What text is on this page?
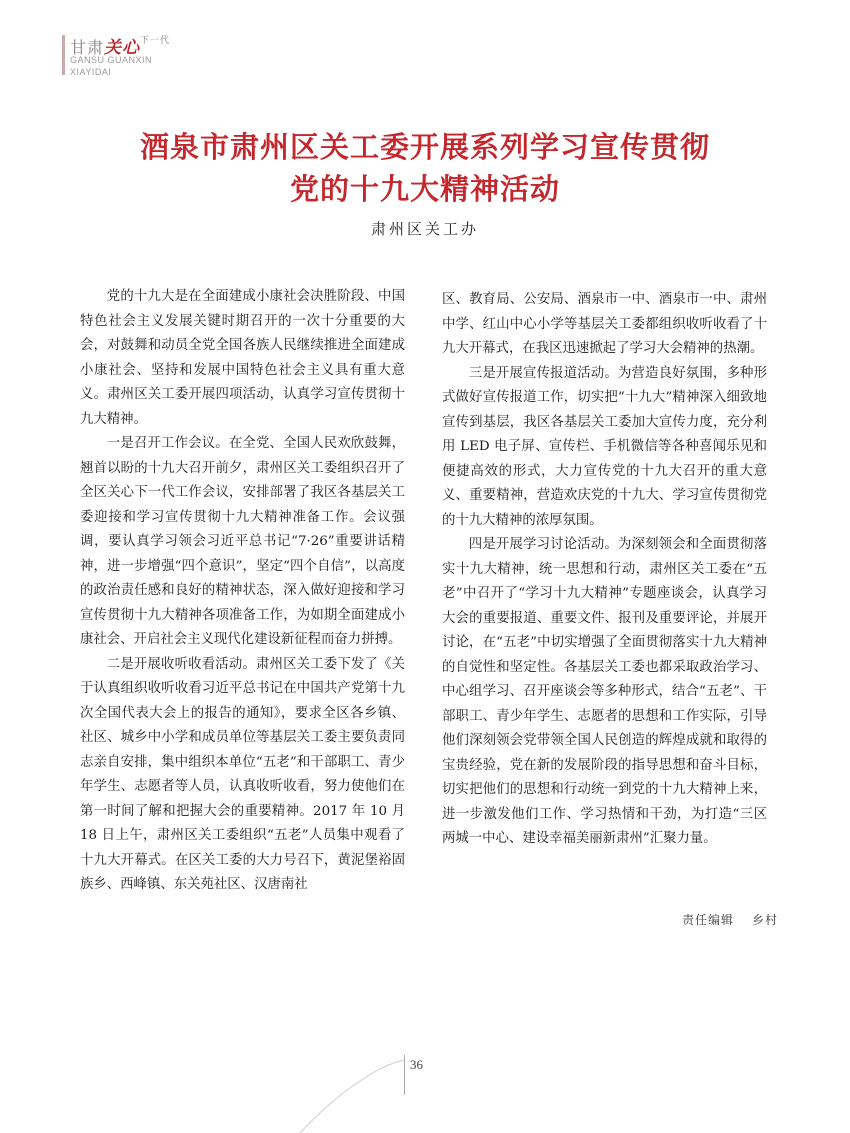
甘肃关心$^{下一代}$
GANSU GUANXIN
XIAYIDAI
酒泉市肃州区关工委开展系列学习宣传贯彻
党的十九大精神活动
肃州区关工办

党的十九大是在全面建成小康社会决胜阶段、中国特色社会主义发展关键时期召开的一次十分重要的大会，对鼓舞和动员全党全国各族人民继续推进全面建成小康社会、坚持和发展中国特色社会主义具有重大意义。肃州区关工委开展四项活动，认真学习宣传贯彻十九大精神。

一是召开工作会议。在全党、全国人民欢欣鼓舞，翘首以盼的十九大召开前夕，肃州区关工委组织召开了全区关心下一代工作会议，安排部署了我区各基层关工委迎接和学习宣传贯彻十九大精神准备工作。会议强调，要认真学习领会习近平总书记“7·26”重要讲话精神，进一步增强“四个意识”，坚定“四个自信”，以高度的政治责任感和良好的精神状态，深入做好迎接和学习宣传贯彻十九大精神各项准备工作，为如期全面建成小康社会、开启社会主义现代化建设新征程而奋力拼搏。

二是开展收听收看活动。肃州区关工委下发了《关于认真组织收听收看习近平总书记在中国共产党第十九次全国代表大会上的报告的通知》，要求全区各乡镇、社区、城乡中小学和成员单位等基层关工委主要负责同志亲自安排，集中组织本单位“五老”和干部职工、青少年学生、志愿者等人员，认真收听收看，努力使他们在第一时间了解和把握大会的重要精神。2017 年 10 月 18 日上午，肃州区关工委组织“五老”人员集中观看了十九大开幕式。在区关工委的大力号召下，黄泥堡裕固族乡、西峰镇、东关苑社区、汉唐南社

区、教育局、公安局、酒泉市一中、酒泉市一中、肃州中学、红山中心小学等基层关工委都组织收听收看了十九大开幕式，在我区迅速掀起了学习大会精神的热潮。

三是开展宣传报道活动。为营造良好氛围，多种形式做好宣传报道工作，切实把“十九大”精神深入细致地宣传到基层，我区各基层关工委加大宣传力度，充分利用 LED 电子屏、宣传栏、手机微信等各种喜闻乐见和便捷高效的形式，大力宣传党的十九大召开的重大意义、重要精神，营造欢庆党的十九大、学习宣传贯彻党的十九大精神的浓厚氛围。

四是开展学习讨论活动。为深刻领会和全面贯彻落实十九大精神，统一思想和行动，肃州区关工委在“五老”中召开了“学习十九大精神”专题座谈会，认真学习大会的重要报道、重要文件、报刊及重要评论，并展开讨论，在“五老”中切实增强了全面贯彻落实十九大精神的自觉性和坚定性。各基层关工委也都采取政治学习、中心组学习、召开座谈会等多种形式，结合“五老”、干部职工、青少年学生、志愿者的思想和工作实际，引导他们深刻领会党带领全国人民创造的辉煌成就和取得的宝贵经验，党在新的发展阶段的指导思想和奋斗目标，切实把他们的思想和行动统一到党的十九大精神上来，进一步激发他们工作、学习热情和干劲，为打造“三区两城一中心、建设幸福美丽新肃州”汇聚力量。

责任编辑 乡村
36
